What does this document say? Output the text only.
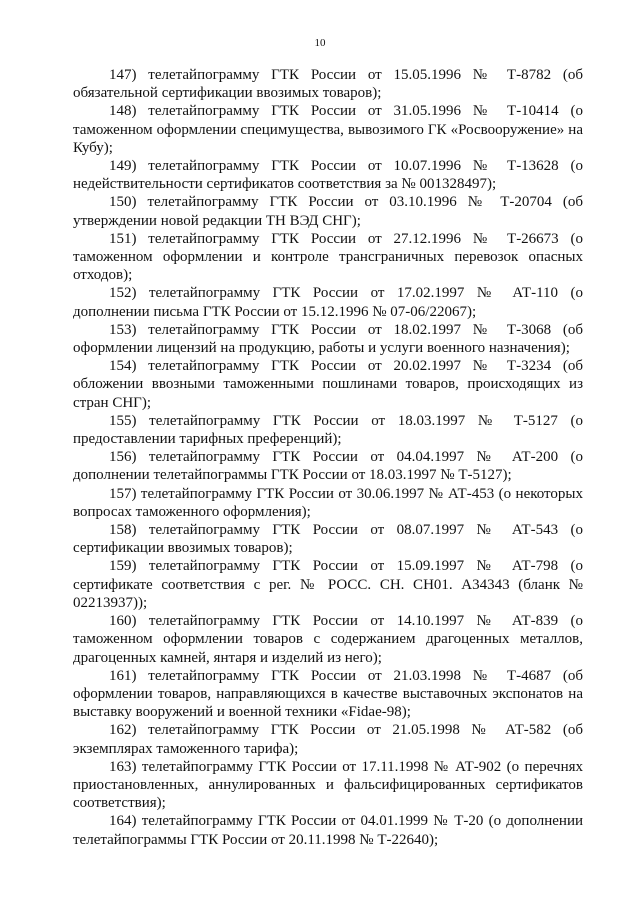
10

147) телетайпограмму ГТК России от 15.05.1996 № Т-8782 (об обязательной сертификации ввозимых товаров);

148) телетайпограмму ГТК России от 31.05.1996 № Т-10414 (о таможенном оформлении специмущества, вывозимого ГК «Росвооружение» на Кубу);

149) телетайпограмму ГТК России от 10.07.1996 № Т-13628 (о недействительности сертификатов соответствия за № 001328497);

150) телетайпограмму ГТК России от 03.10.1996 № Т-20704 (об утверждении новой редакции ТН ВЭД СНГ);

151) телетайпограмму ГТК России от 27.12.1996 № Т-26673 (о таможенном оформлении и контроле трансграничных перевозок опасных отходов);

152) телетайпограмму ГТК России от 17.02.1997 № АТ-110 (о дополнении письма ГТК России от 15.12.1996 № 07-06/22067);

153) телетайпограмму ГТК России от 18.02.1997 № Т-3068 (об оформлении лицензий на продукцию, работы и услуги военного назначения);

154) телетайпограмму ГТК России от 20.02.1997 № Т-3234 (об обложении ввозными таможенными пошлинами товаров, происходящих из стран СНГ);

155) телетайпограмму ГТК России от 18.03.1997 № Т-5127 (о предоставлении тарифных преференций);

156) телетайпограмму ГТК России от 04.04.1997 № АТ-200 (о дополнении телетайпограммы ГТК России от 18.03.1997 № Т-5127);

157) телетайпограмму ГТК России от 30.06.1997 № АТ-453 (о некоторых вопросах таможенного оформления);

158) телетайпограмму ГТК России от 08.07.1997 № АТ-543 (о сертификации ввозимых товаров);

159) телетайпограмму ГТК России от 15.09.1997 № АТ-798 (о сертификате соответствия с рег. № РОСС. СН. СН01. А34343 (бланк № 02213937));

160) телетайпограмму ГТК России от 14.10.1997 № АТ-839 (о таможенном оформлении товаров с содержанием драгоценных металлов, драгоценных камней, янтаря и изделий из него);

161) телетайпограмму ГТК России от 21.03.1998 № Т-4687 (об оформлении товаров, направляющихся в качестве выставочных экспонатов на выставку вооружений и военной техники «Fidae-98);

162) телетайпограмму ГТК России от 21.05.1998 № АТ-582 (об экземплярах таможенного тарифа);

163) телетайпограмму ГТК России от 17.11.1998 № АТ-902 (о перечнях приостановленных, аннулированных и фальсифицированных сертификатов соответствия);

164) телетайпограмму ГТК России от 04.01.1999 № Т-20 (о дополнении телетайпограммы ГТК России от 20.11.1998 № Т-22640);
